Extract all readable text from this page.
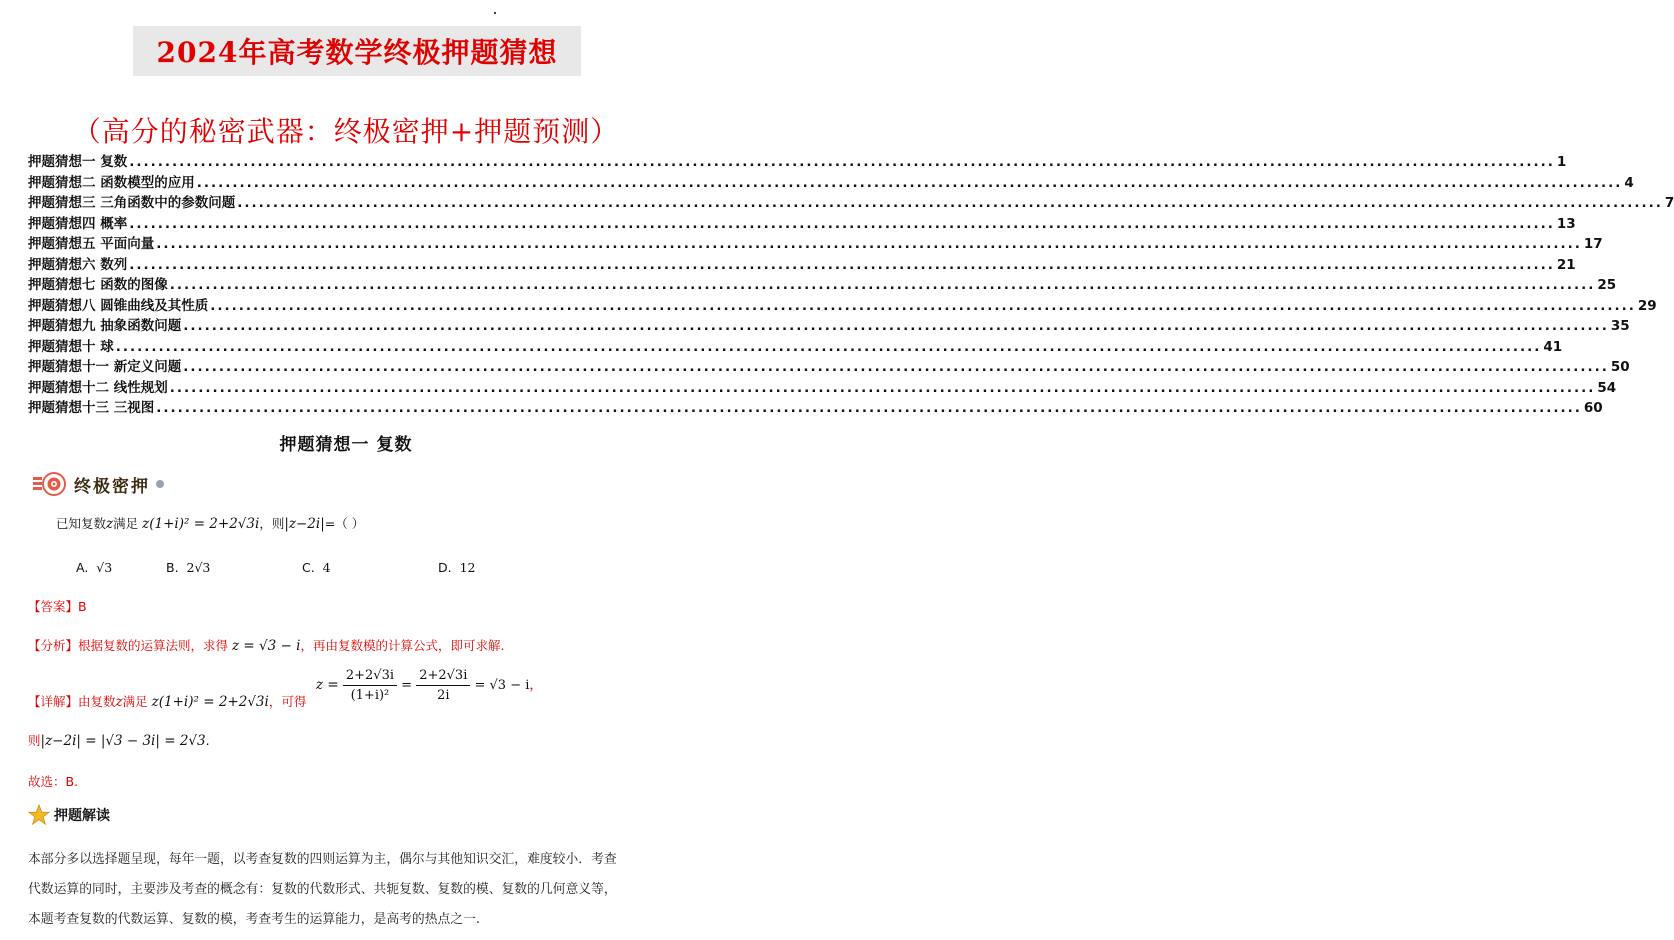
2024年高考数学终极押题猜想
（高分的秘密武器：终极密押+押题预测）
押题猜想一 复数 ........................................................................................................................................................................................................ 1
押题猜想二 函数模型的应用 ........................................................................................................................................................................................................ 4
押题猜想三 三角函数中的参数问题 ........................................................................................................................................................................................................ 7
押题猜想四 概率 ........................................................................................................................................................................................................ 13
押题猜想五 平面向量 ........................................................................................................................................................................................................ 17
押题猜想六 数列 ........................................................................................................................................................................................................ 21
押题猜想七 函数的图像 ........................................................................................................................................................................................................ 25
押题猜想八 圆锥曲线及其性质 ........................................................................................................................................................................................................ 29
押题猜想九 抽象函数问题 ........................................................................................................................................................................................................ 35
押题猜想十 球 ........................................................................................................................................................................................................ 41
押题猜想十一 新定义问题 ........................................................................................................................................................................................................ 50
押题猜想十二 线性规划 ........................................................................................................................................................................................................ 54
押题猜想十三 三视图 ........................................................................................................................................................................................................ 60
押题猜想一 复数
终极密押
已知复数z满足 z(1+i)² = 2+2√3i，则|z−2i|=（ ）
A. √3	B. 2√3	C. 4	D. 12
【答案】B
【分析】根据复数的运算法则，求得 z = √3 − i，再由复数模的计算公式，即可求解.
【详解】由复数z满足 z(1+i)² = 2+2√3i，可得
$z = \frac{2+2√3i}{\text{(1+i)²}} = \frac{2+2√3i}{2i} = √3 - i$，
则|z−2i| = |√3 − 3i| = 2√3.
故选：B.
押题解读
本部分多以选择题呈现，每年一题，以考查复数的四则运算为主，偶尔与其他知识交汇，难度较小．考查
代数运算的同时，主要涉及考查的概念有：复数的代数形式、共轭复数、复数的模、复数的几何意义等，
本题考查复数的代数运算、复数的模，考查考生的运算能力，是高考的热点之一.
